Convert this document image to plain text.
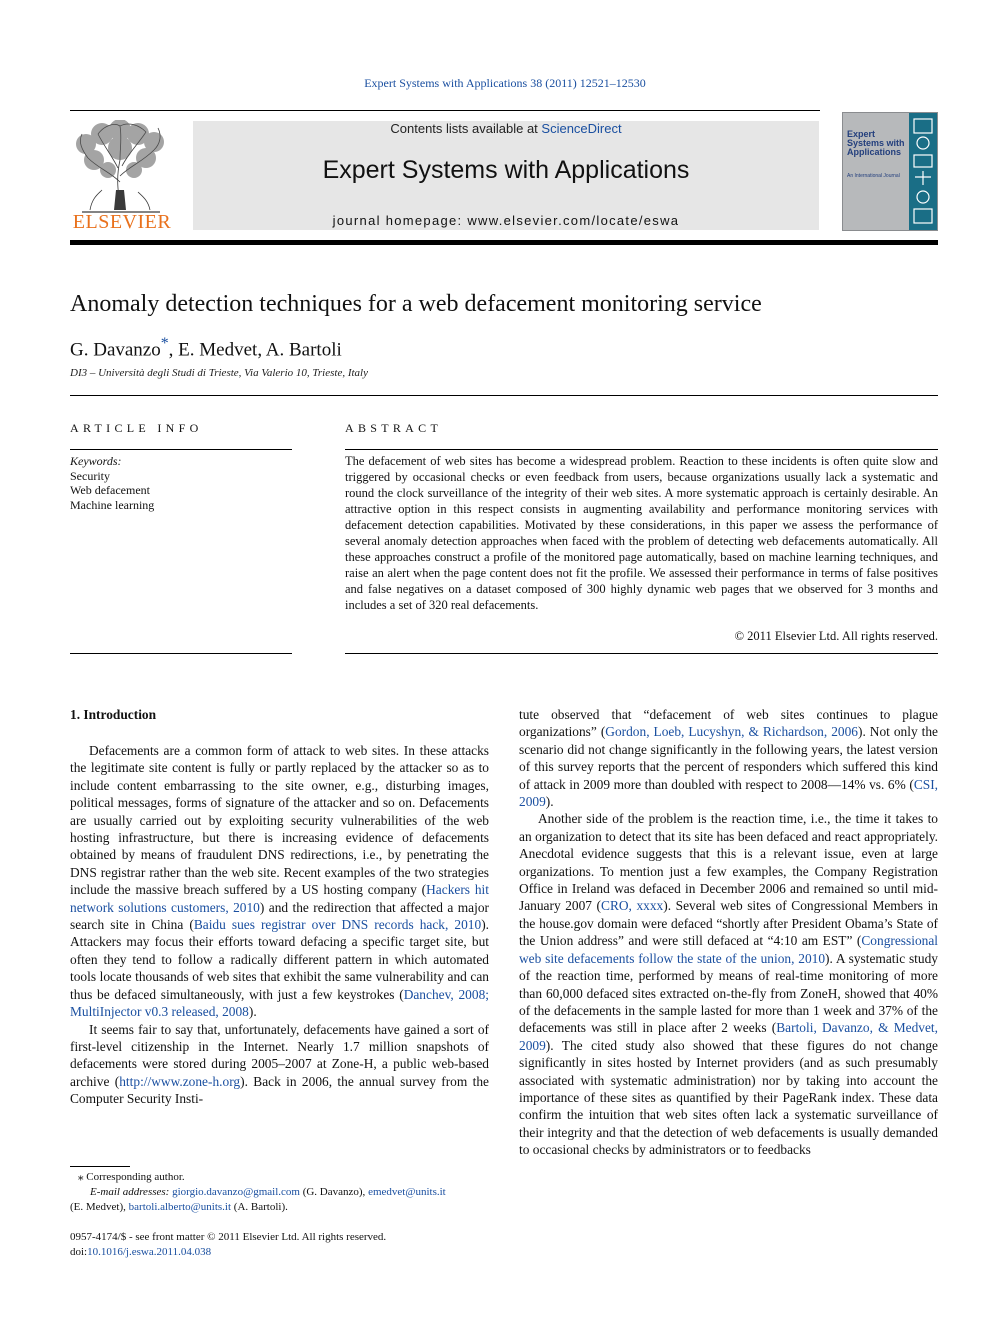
Expert Systems with Applications 38 (2011) 12521–12530
ELSEVIER
Contents lists available at ScienceDirect
Expert Systems with Applications
journal homepage: www.elsevier.com/locate/eswa
Expert Systems with Applications
An International Journal
Anomaly detection techniques for a web defacement monitoring service
G. Davanzo*, E. Medvet, A. Bartoli
DI3 – Università degli Studi di Trieste, Via Valerio 10, Trieste, Italy
ARTICLE INFO
Keywords:
Security
Web defacement
Machine learning
ABSTRACT
The defacement of web sites has become a widespread problem. Reaction to these incidents is often quite slow and triggered by occasional checks or even feedback from users, because organizations usually lack a systematic and round the clock surveillance of the integrity of their web sites. A more systematic approach is certainly desirable. An attractive option in this respect consists in augmenting availability and performance monitoring services with defacement detection capabilities. Motivated by these considerations, in this paper we assess the performance of several anomaly detection approaches when faced with the problem of detecting web defacements automatically. All these approaches construct a profile of the monitored page automatically, based on machine learning techniques, and raise an alert when the page content does not fit the profile. We assessed their performance in terms of false positives and false negatives on a dataset composed of 300 highly dynamic web pages that we observed for 3 months and includes a set of 320 real defacements.
© 2011 Elsevier Ltd. All rights reserved.
1. Introduction

Defacements are a common form of attack to web sites. In these attacks the legitimate site content is fully or partly replaced by the attacker so as to include content embarrassing to the site owner, e.g., disturbing images, political messages, forms of signature of the attacker and so on. Defacements are usually carried out by exploiting security vulnerabilities of the web hosting infrastructure, but there is increasing evidence of defacements obtained by means of fraudulent DNS redirections, i.e., by penetrating the DNS registrar rather than the web site. Recent examples of the two strategies include the massive breach suffered by a US hosting company (Hackers hit network solutions customers, 2010) and the redirection that affected a major search site in China (Baidu sues registrar over DNS records hack, 2010). Attackers may focus their efforts toward defacing a specific target site, but often they tend to follow a radically different pattern in which automated tools locate thousands of web sites that exhibit the same vulnerability and can thus be defaced simultaneously, with just a few keystrokes (Danchev, 2008; MultiInjector v0.3 released, 2008).

It seems fair to say that, unfortunately, defacements have gained a sort of first-level citizenship in the Internet. Nearly 1.7 million snapshots of defacements were stored during 2005–2007 at Zone-H, a public web-based archive (http://www.zone-h.org). Back in 2006, the annual survey from the Computer Security Insti-

tute observed that “defacement of web sites continues to plague organizations” (Gordon, Loeb, Lucyshyn, & Richardson, 2006). Not only the scenario did not change significantly in the following years, the latest version of this survey reports that the percent of responders which suffered this kind of attack in 2009 more than doubled with respect to 2008—14% vs. 6% (CSI, 2009).

Another side of the problem is the reaction time, i.e., the time it takes to an organization to detect that its site has been defaced and react appropriately. Anecdotal evidence suggests that this is a relevant issue, even at large organizations. To mention just a few examples, the Company Registration Office in Ireland was defaced in December 2006 and remained so until mid-January 2007 (CRO, xxxx). Several web sites of Congressional Members in the house.gov domain were defaced “shortly after President Obama’s State of the Union address” and were still defaced at “4:10 am EST” (Congressional web site defacements follow the state of the union, 2010). A systematic study of the reaction time, performed by means of real-time monitoring of more than 60,000 defaced sites extracted on-the-fly from ZoneH, showed that 40% of the defacements in the sample lasted for more than 1 week and 37% of the defacements was still in place after 2 weeks (Bartoli, Davanzo, & Medvet, 2009). The cited study also showed that these figures do not change significantly in sites hosted by Internet providers (and as such presumably associated with systematic administration) nor by taking into account the importance of these sites as quantified by their PageRank index. These data confirm the intuition that web sites often lack a systematic surveillance of their integrity and that the detection of web defacements is usually demanded to occasional checks by administrators or to feedbacks

⁎ Corresponding author.
E-mail addresses: giorgio.davanzo@gmail.com (G. Davanzo), emedvet@units.it
(E. Medvet), bartoli.alberto@units.it (A. Bartoli).
0957-4174/$ - see front matter © 2011 Elsevier Ltd. All rights reserved.
doi:10.1016/j.eswa.2011.04.038
